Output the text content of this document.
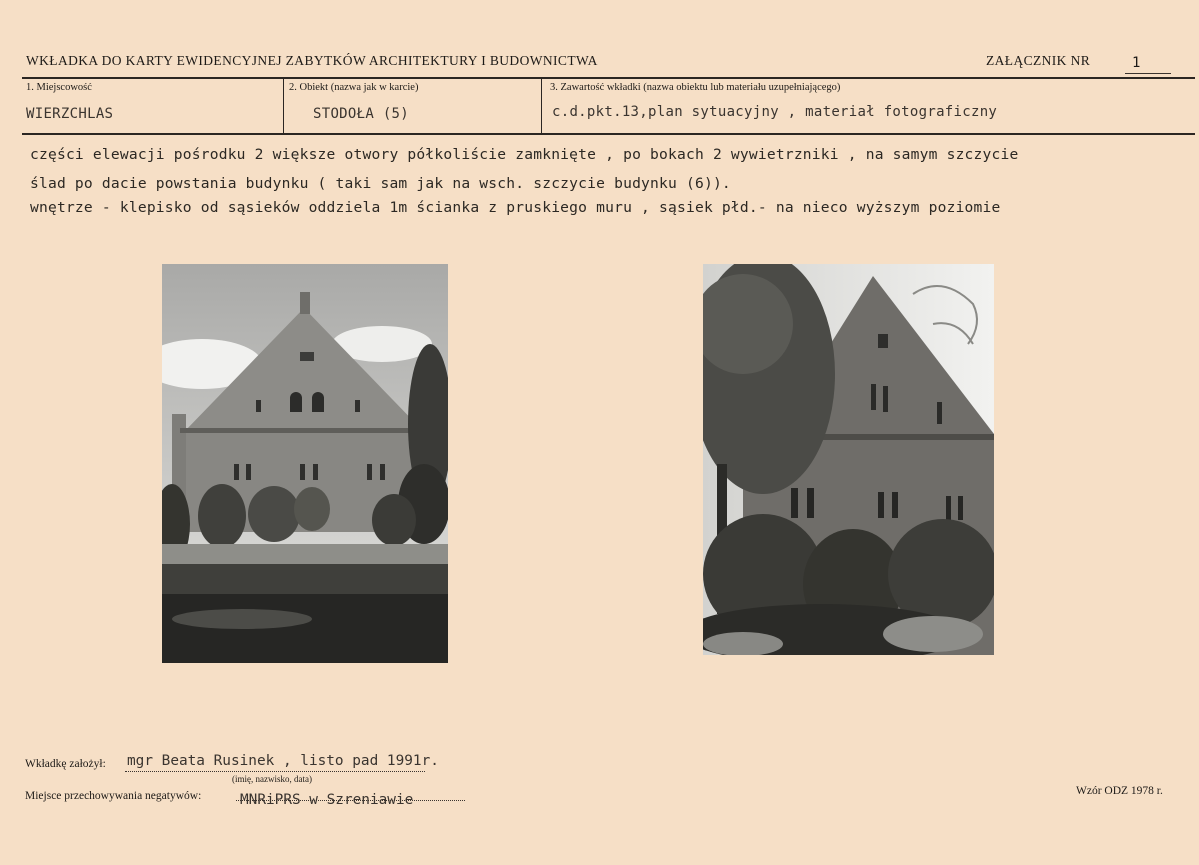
WKŁADKA DO KARTY EWIDENCYJNEJ ZABYTKÓW ARCHITEKTURY I BUDOWNICTWA	ZAŁĄCZNIK NR	1
1. Miejscowość
WIERZCHLAS
2. Obiekt (nazwa jak w karcie)
STODOŁA (5)
3. Zawartość wkładki (nazwa obiektu lub materiału uzupełniającego)
c.d.pkt.13,plan sytuacyjny , materiał fotograficzny
części elewacji pośrodku 2 większe otwory półkoliście zamknięte , po bokach 2 wywietrzniki , na samym szczycie
ślad po dacie powstania budynku ( taki sam jak na wsch. szczycie budynku (6)).
wnętrze - klepisko od sąsieków oddziela 1m ścianka z pruskiego muru , sąsiek płd.- na nieco wyższym poziomie
Wkładkę założył: mgr Beata Rusinek , listo pad 1991r.
(imię, nazwisko, data)
Miejsce przechowywania negatywów:	MNRiPRS w Szreniawie
Wzór ODZ 1978 r.
